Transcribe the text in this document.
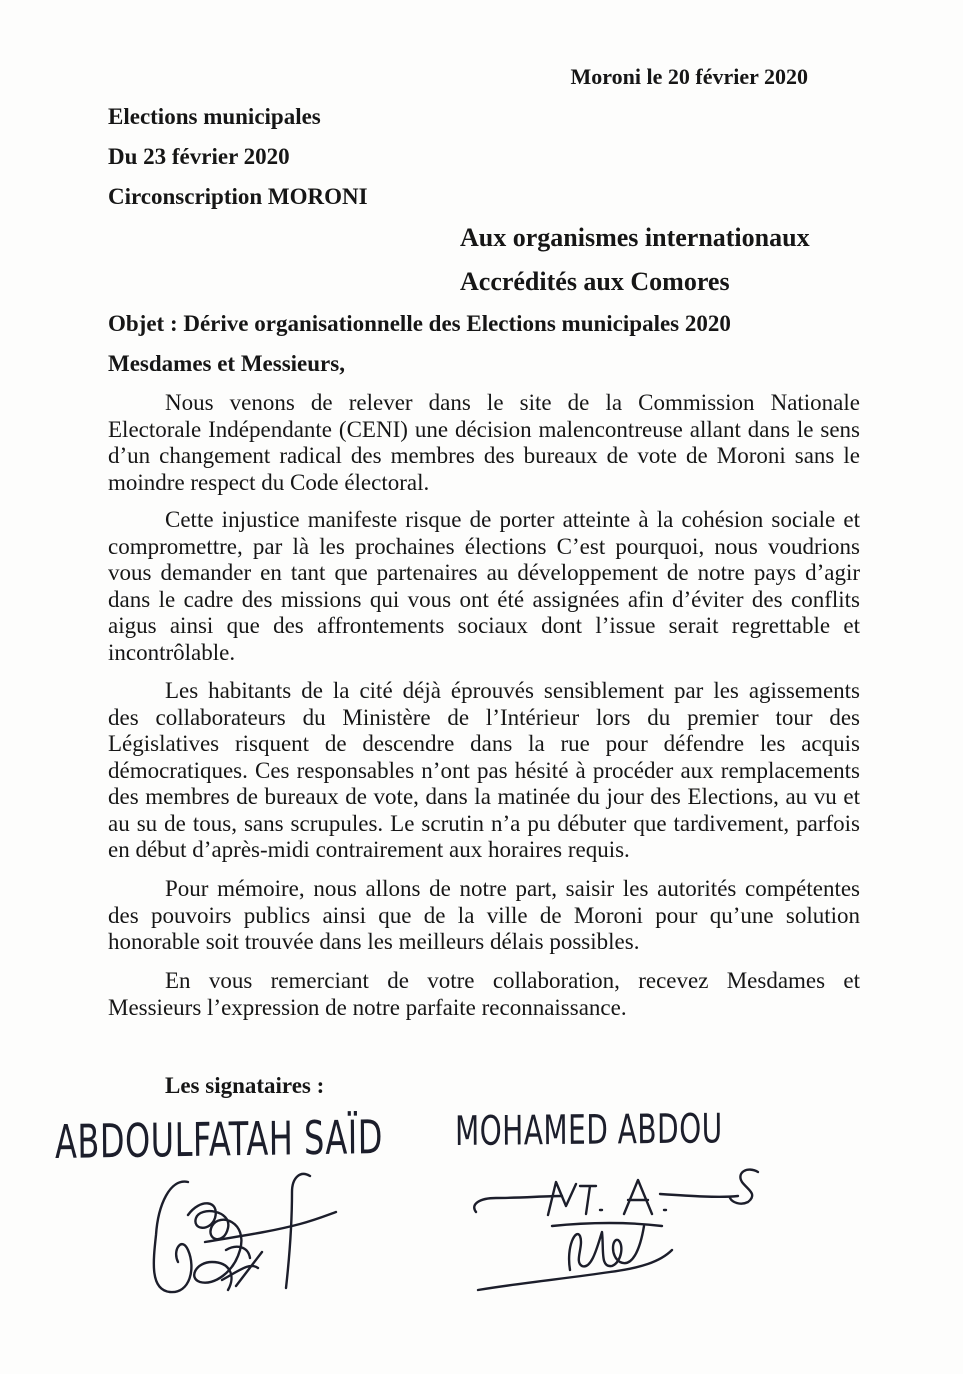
Moroni le 20 février 2020
Elections municipales
Du 23 février 2020
Circonscription MORONI
Aux organismes internationaux
Accrédités aux Comores
Objet : Dérive organisationnelle des Elections municipales 2020
Mesdames et Messieurs,
Nous venons de relever dans le site de la Commission Nationale
Electorale Indépendante (CENI) une décision malencontreuse allant dans le sens
d’un changement radical des membres des bureaux de vote de Moroni sans le
moindre respect du Code électoral.
Cette injustice manifeste risque de porter atteinte à la cohésion sociale et
compromettre, par là les prochaines élections C’est pourquoi, nous voudrions
vous demander en tant que partenaires au développement de notre pays d’agir
dans le cadre des missions qui vous ont été assignées afin d’éviter des conflits
aigus ainsi que des affrontements sociaux dont l’issue serait regrettable et
incontrôlable.
Les habitants de la cité déjà éprouvés sensiblement par les agissements
des collaborateurs du Ministère de l’Intérieur lors du premier tour des
Législatives risquent de descendre dans la rue pour défendre les acquis
démocratiques. Ces responsables n’ont pas hésité à procéder aux remplacements
des membres de bureaux de vote, dans la matinée du jour des Elections, au vu et
au su de tous, sans scrupules. Le scrutin n’a pu débuter que tardivement, parfois
en début d’après-midi contrairement aux horaires requis.
Pour mémoire, nous allons de notre part, saisir les autorités compétentes
des pouvoirs publics ainsi que de la ville de Moroni pour qu’une solution
honorable soit trouvée dans les meilleurs délais possibles.
En vous remerciant de votre collaboration, recevez Mesdames et
Messieurs l’expression de notre parfaite reconnaissance.
Les signataires :
ABDOULFATAH SAÏD	MOHAMED ABDOU
